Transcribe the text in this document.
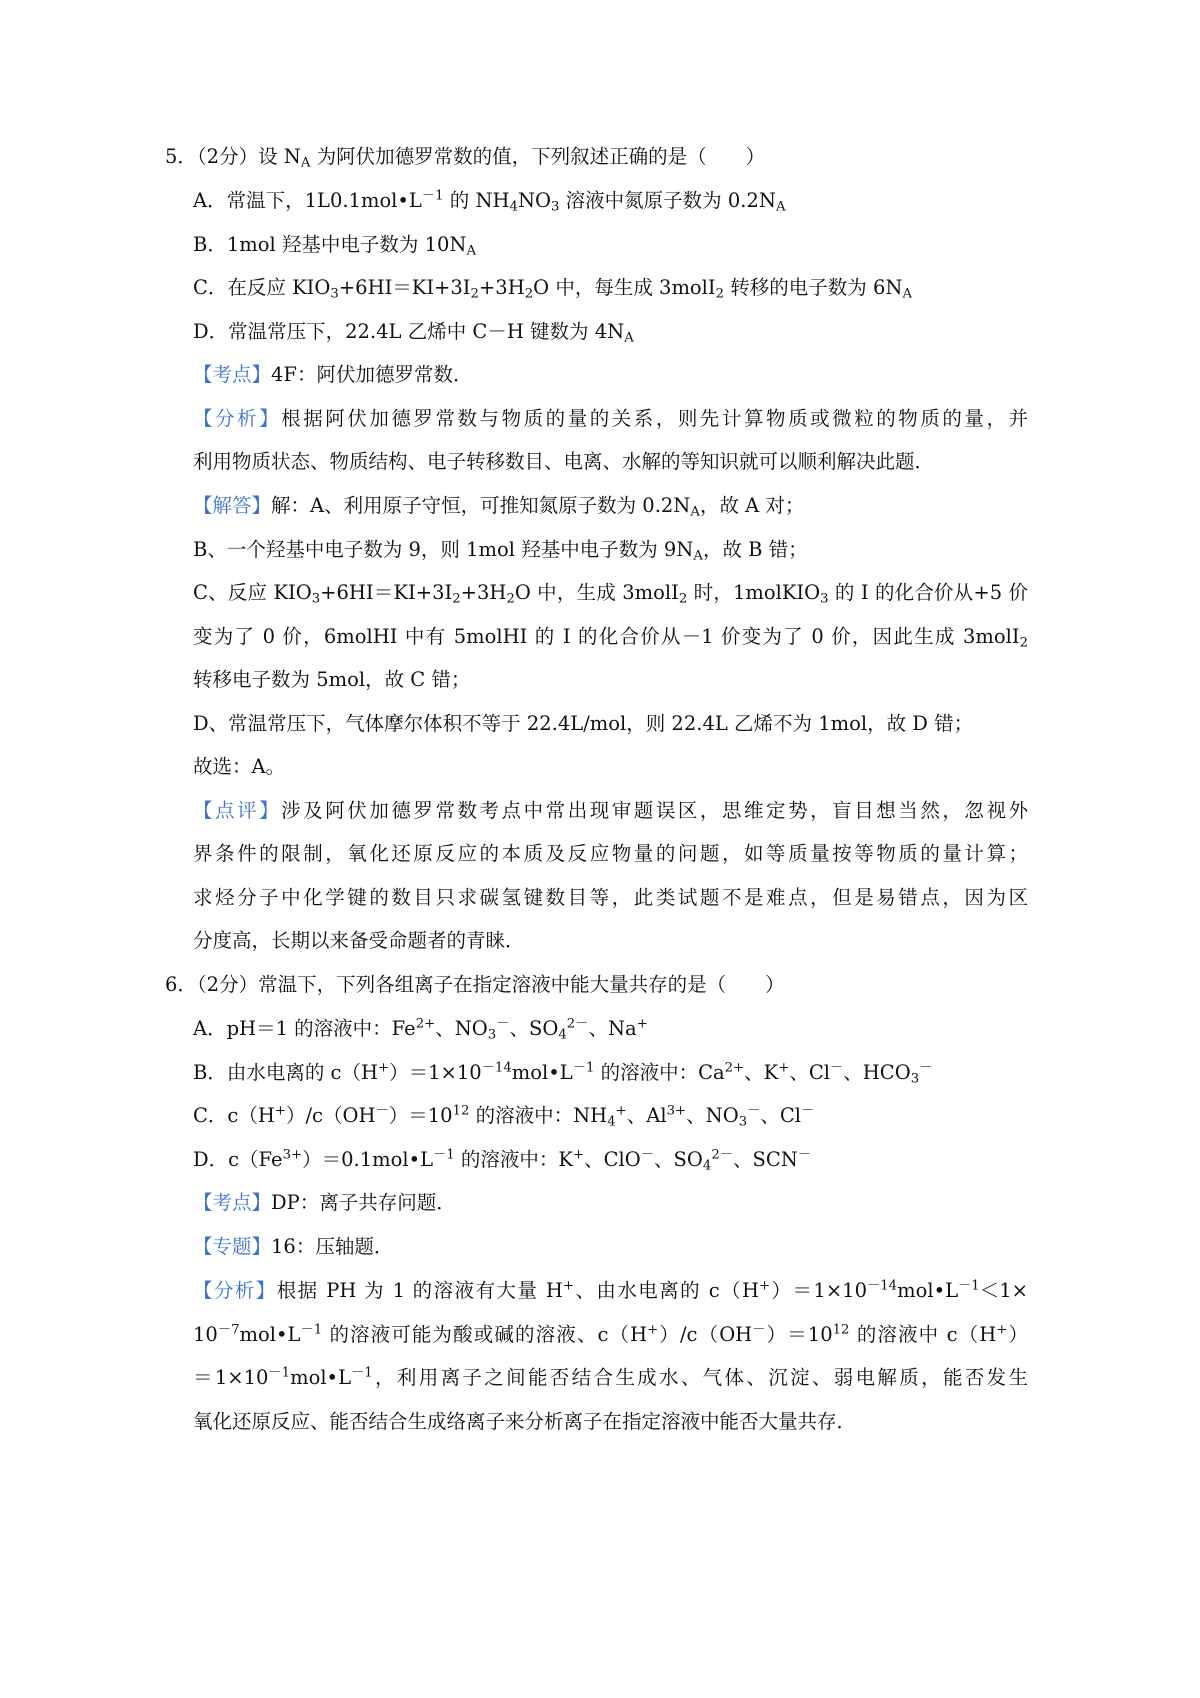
5．（2分）设 $N_A$ 为阿伏加德罗常数的值，下列叙述正确的是（　　）
A．常温下，$1L0.1mol•L^{-1}$ 的 $NH_4NO_3$ 溶液中氮原子数为 $0.2N_A$
B．1mol 羟基中电子数为 $10N_A$
C．在反应 $KIO_3+6HI=KI+3I_2+3H_2O$ 中，每生成 3molI$_2$ 转移的电子数为 $6N_A$
D．常温常压下，22.4L 乙烯中 C－H 键数为 $4N_A$
【考点】4F：阿伏加德罗常数．
【分析】根据阿伏加德罗常数与物质的量的关系，则先计算物质或微粒的物质的量，并
利用物质状态、物质结构、电子转移数目、电离、水解的等知识就可以顺利解决此题．
【解答】解：A、利用原子守恒，可推知氮原子数为 $0.2N_A$，故 A 对；
B、一个羟基中电子数为 9，则 1mol 羟基中电子数为 $9N_A$，故 B 错；
C、反应 $KIO_3+6HI=KI+3I_2+3H_2O$ 中，生成 3molI$_2$ 时，1molKIO$_3$ 的 I 的化合价从+5 价
变为了 0 价，6molHI 中有 5molHI 的 I 的化合价从－1 价变为了 0 价，因此生成 3molI$_2$
转移电子数为 5mol，故 C 错；
D、常温常压下，气体摩尔体积不等于 22.4L/mol，则 22.4L 乙烯不为 1mol，故 D 错；
故选：A。
【点评】涉及阿伏加德罗常数考点中常出现审题误区，思维定势，盲目想当然，忽视外
界条件的限制，氧化还原反应的本质及反应物量的问题，如等质量按等物质的量计算；
求烃分子中化学键的数目只求碳氢键数目等，此类试题不是难点，但是易错点，因为区
分度高，长期以来备受命题者的青睐．
6．（2分）常温下，下列各组离子在指定溶液中能大量共存的是（　　）
A．pH＝1 的溶液中：$Fe^{2+}$、$NO_3^-$、$SO_4^{2-}$、Na+
B．由水电离的 $c(H^+)=1\times 10^{-14}mol•L^{-1}$ 的溶液中：$Ca^{2+}$、K+、Cl－、$HCO_3^-$
C．$c(H^+)/c(OH^-)=10^{12}$ 的溶液中：$NH_4^+$、$Al^{3+}$、$NO_3^-$、Cl－
D．$c(Fe^{3+})=0.1mol•L^{-1}$ 的溶液中：K+、ClO－、$SO_4^{2-}$、SCN－
【考点】DP：离子共存问题．
【专题】16：压轴题．
【分析】根据 PH 为 1 的溶液有大量 H+、由水电离的 $c(H^+)=1\times 10^{-14}mol•L^{-1}<1\times$
$10^{-7}mol•L^{-1}$ 的溶液可能为酸或碱的溶液、$c(H^+)/c(OH^-)=10^{12}$ 的溶液中 c（H+）
$=1\times 10^{-1}mol•L^{-1}$，利用离子之间能否结合生成水、气体、沉淀、弱电解质，能否发生
氧化还原反应、能否结合生成络离子来分析离子在指定溶液中能否大量共存．
